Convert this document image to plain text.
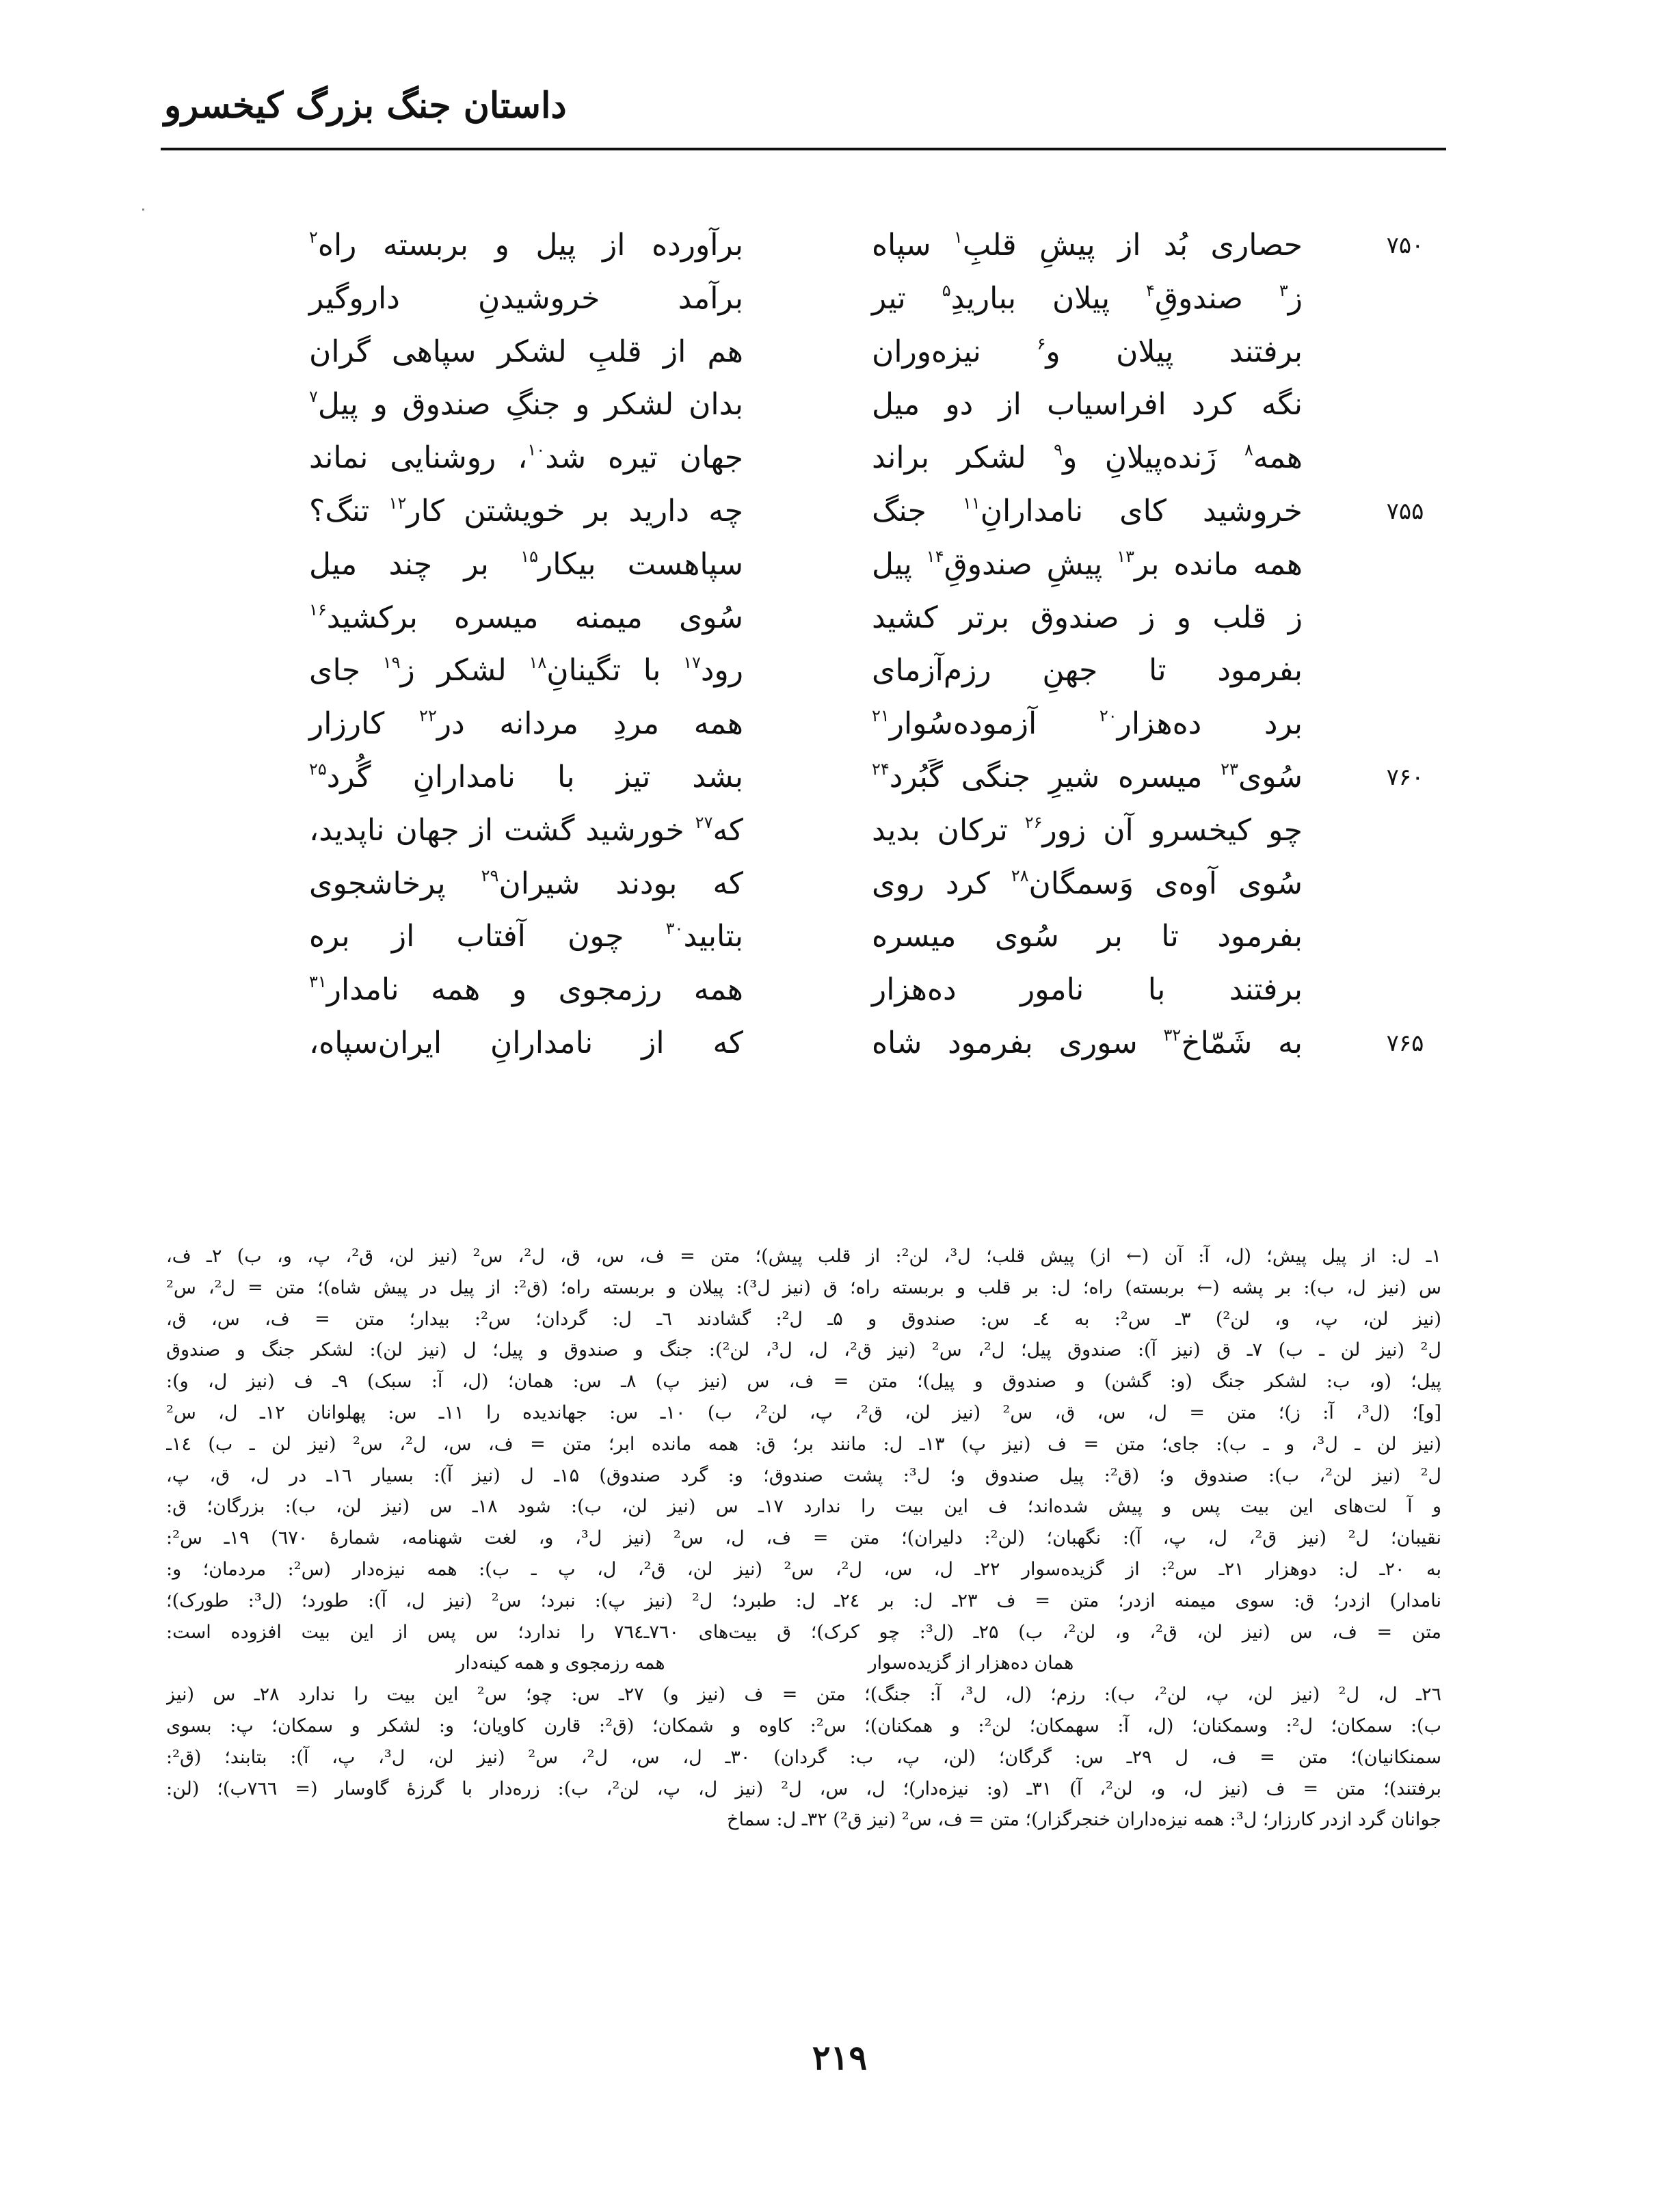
داستان جنگ بزرگ کیخسرو
۷۵۰
حصاری بُد از پیشِ قلبِ$^۱$ سپاه
برآورده از پیل و بربسته راه$^۲$
ز$^۳$ صندوقِ$^۴$ پیلان بباریدِ$^۵$ تیر
برآمد خروشیدنِ داروگیر
برفتند پیلان و$^۶$ نیزه‌وران
هم از قلبِ لشکر سپاهی گران
نگه کرد افراسیاب از دو میل
بدان لشکر و جنگِ صندوق و پیل$^۷$
همه$^۸$ زَنده‌پیلانِ و$^۹$ لشکر براند
جهان تیره شد$^{۱۰}$، روشنایی نماند
۷۵۵
خروشید کای نامدارانِ$^{۱۱}$ جنگ
چه دارید بر خویشتن کار$^{۱۲}$ تنگ؟
همه مانده بر$^{۱۳}$ پیشِ صندوقِ$^{۱۴}$ پیل
سپاهست بیکار$^{۱۵}$ بر چند میل
ز قلب و ز صندوق برتر کشید
سُوی میمنه میسره برکشید$^{۱۶}$
بفرمود تا جهنِ رزم‌آزمای
رود$^{۱۷}$ با تگینانِ$^{۱۸}$ لشکر ز$^{۱۹}$ جای
برد ده‌هزار$^{۲۰}$ آزموده‌سُوار$^{۲۱}$
همه مردِ مردانه در$^{۲۲}$ کارزار
۷۶۰
سُوی$^{۲۳}$ میسره شیرِ جنگی گَبُرد$^{۲۴}$
بشد تیز با نامدارانِ گُرد$^{۲۵}$
چو کیخسرو آن زور$^{۲۶}$ ترکان بدید
که$^{۲۷}$ خورشید گشت از جهان ناپدید،
سُوی آوه‌ی وَسمگان$^{۲۸}$ کرد روی
که بودند شیران$^{۲۹}$ پرخاشجوی
بفرمود تا بر سُوی میسره
بتابید$^{۳۰}$ چون آفتاب از بره
برفتند با نامور ده‌هزار
همه رزمجوی و همه نامدار$^{۳۱}$
۷۶۵
به شَمّاخ$^{۳۲}$ سوری بفرمود شاه
که از نامدارانِ ایران‌سپاه،
۱ـ ل: از پیل پیش؛ (ل، آ: آن (← از) پیش قلب؛ ل³، لن²: از قلب پیش)؛ متن = ف، س، ق، ل²، س² (نیز لن، ق²، پ، و، ب) ۲ـ ف،
س (نیز ل، ب): بر پشه (← بربسته) راه؛ ل: بر قلب و بربسته راه؛ ق (نیز ل³): پیلان و بربسته راه؛ (ق²: از پیل در پیش شاه)؛ متن = ل²، س²
(نیز لن، پ، و، لن²) ۳ـ س²: به ٤ـ س: صندوق و ۵ـ ل²: گشادند ٦ـ ل: گردان؛ س²: بیدار؛ متن = ف، س، ق،
ل² (نیز لن ـ ب) ۷ـ ق (نیز آ): صندوق پیل؛ ل²، س² (نیز ق²، ل، ل³، لن²): جنگ و صندوق و پیل؛ ل (نیز لن): لشکر جنگ و صندوق
پیل؛ (و، ب: لشکر جنگ (و: گشن) و صندوق و پیل)؛ متن = ف، س (نیز پ) ۸ـ س: همان؛ (ل، آ: سبک) ۹ـ ف (نیز ل، و):
[و]؛ (ل³، آ: ز)؛ متن = ل، س، ق، س² (نیز لن، ق²، پ، لن²، ب) ۱۰ـ س: جهاندیده را ۱۱ـ س: پهلوانان ۱۲ـ ل، س²
(نیز لن ـ ل³، و ـ ب): جای؛ متن = ف (نیز پ) ۱۳ـ ل: مانند بر؛ ق: همه مانده ابر؛ متن = ف، س، ل²، س² (نیز لن ـ ب) ۱٤ـ
ل² (نیز لن²، ب): صندوق و؛ (ق²: پیل صندوق و؛ ل³: پشت صندوق؛ و: گرد صندوق) ۱۵ـ ل (نیز آ): بسیار ۱٦ـ در ل، ق، پ،
و آ لت‌های این بیت پس و پیش شده‌اند؛ ف این بیت را ندارد ۱۷ـ س (نیز لن، ب): شود ۱۸ـ س (نیز لن، ب): بزرگان؛ ق:
نقیبان؛ ل² (نیز ق²، ل، پ، آ): نگهبان؛ (لن²: دلیران)؛ متن = ف، ل، س² (نیز ل³، و، لغت شهنامه، شمارهٔ ٦۷۰) ۱۹ـ س²:
به ۲۰ـ ل: دوهزار ۲۱ـ س²: از گزیده‌سوار ۲۲ـ ل، س، ل²، س² (نیز لن، ق²، ل، پ ـ ب): همه نیزه‌دار (س²: مردمان؛ و:
نامدار) ازدر؛ ق: سوی میمنه ازدر؛ متن = ف ۲۳ـ ل: بر ۲٤ـ ل: طبرد؛ ل² (نیز پ): نبرد؛ س² (نیز ل، آ): طورد؛ (ل³: طورک)؛
متن = ف، س (نیز لن، ق²، و، لن²، ب) ۲۵ـ (ل³: چو کرک)؛ ق بیت‌های ۷٦۰ـ۷٦٤ را ندارد؛ س پس از این بیت افزوده است:
همان ده‌هزار از گزیده‌سوار
همه رزمجوی و همه کینه‌دار
۲٦ـ ل، ل² (نیز لن، پ، لن²، ب): رزم؛ (ل، ل³، آ: جنگ)؛ متن = ف (نیز و) ۲۷ـ س: چو؛ س² این بیت را ندارد ۲۸ـ س (نیز
ب): سمکان؛ ل²: وسمکنان؛ (ل، آ: سهمکان؛ لن²: و همکنان)؛ س²: کاوه و شمکان؛ (ق²: قارن کاویان؛ و: لشکر و سمکان؛ پ: بسوی
سمنکانیان)؛ متن = ف، ل ۲۹ـ س: گرگان؛ (لن، پ، ب: گردان) ۳۰ـ ل، س، ل²، س² (نیز لن، ل³، پ، آ): بتابند؛ (ق²:
برفتند)؛ متن = ف (نیز ل، و، لن²، آ) ۳۱ـ (و: نیزه‌دار)؛ ل، س، ل² (نیز ل، پ، لن²، ب): زره‌دار با گرزهٔ گاوسار (= ۷٦٦ب)؛ (لن:
جوانان گرد ازدر کارزار؛ ل³: همه نیزه‌داران خنجرگزار)؛ متن = ف، س² (نیز ق²) ۳۲ـ ل: سماخ
۲۱۹
